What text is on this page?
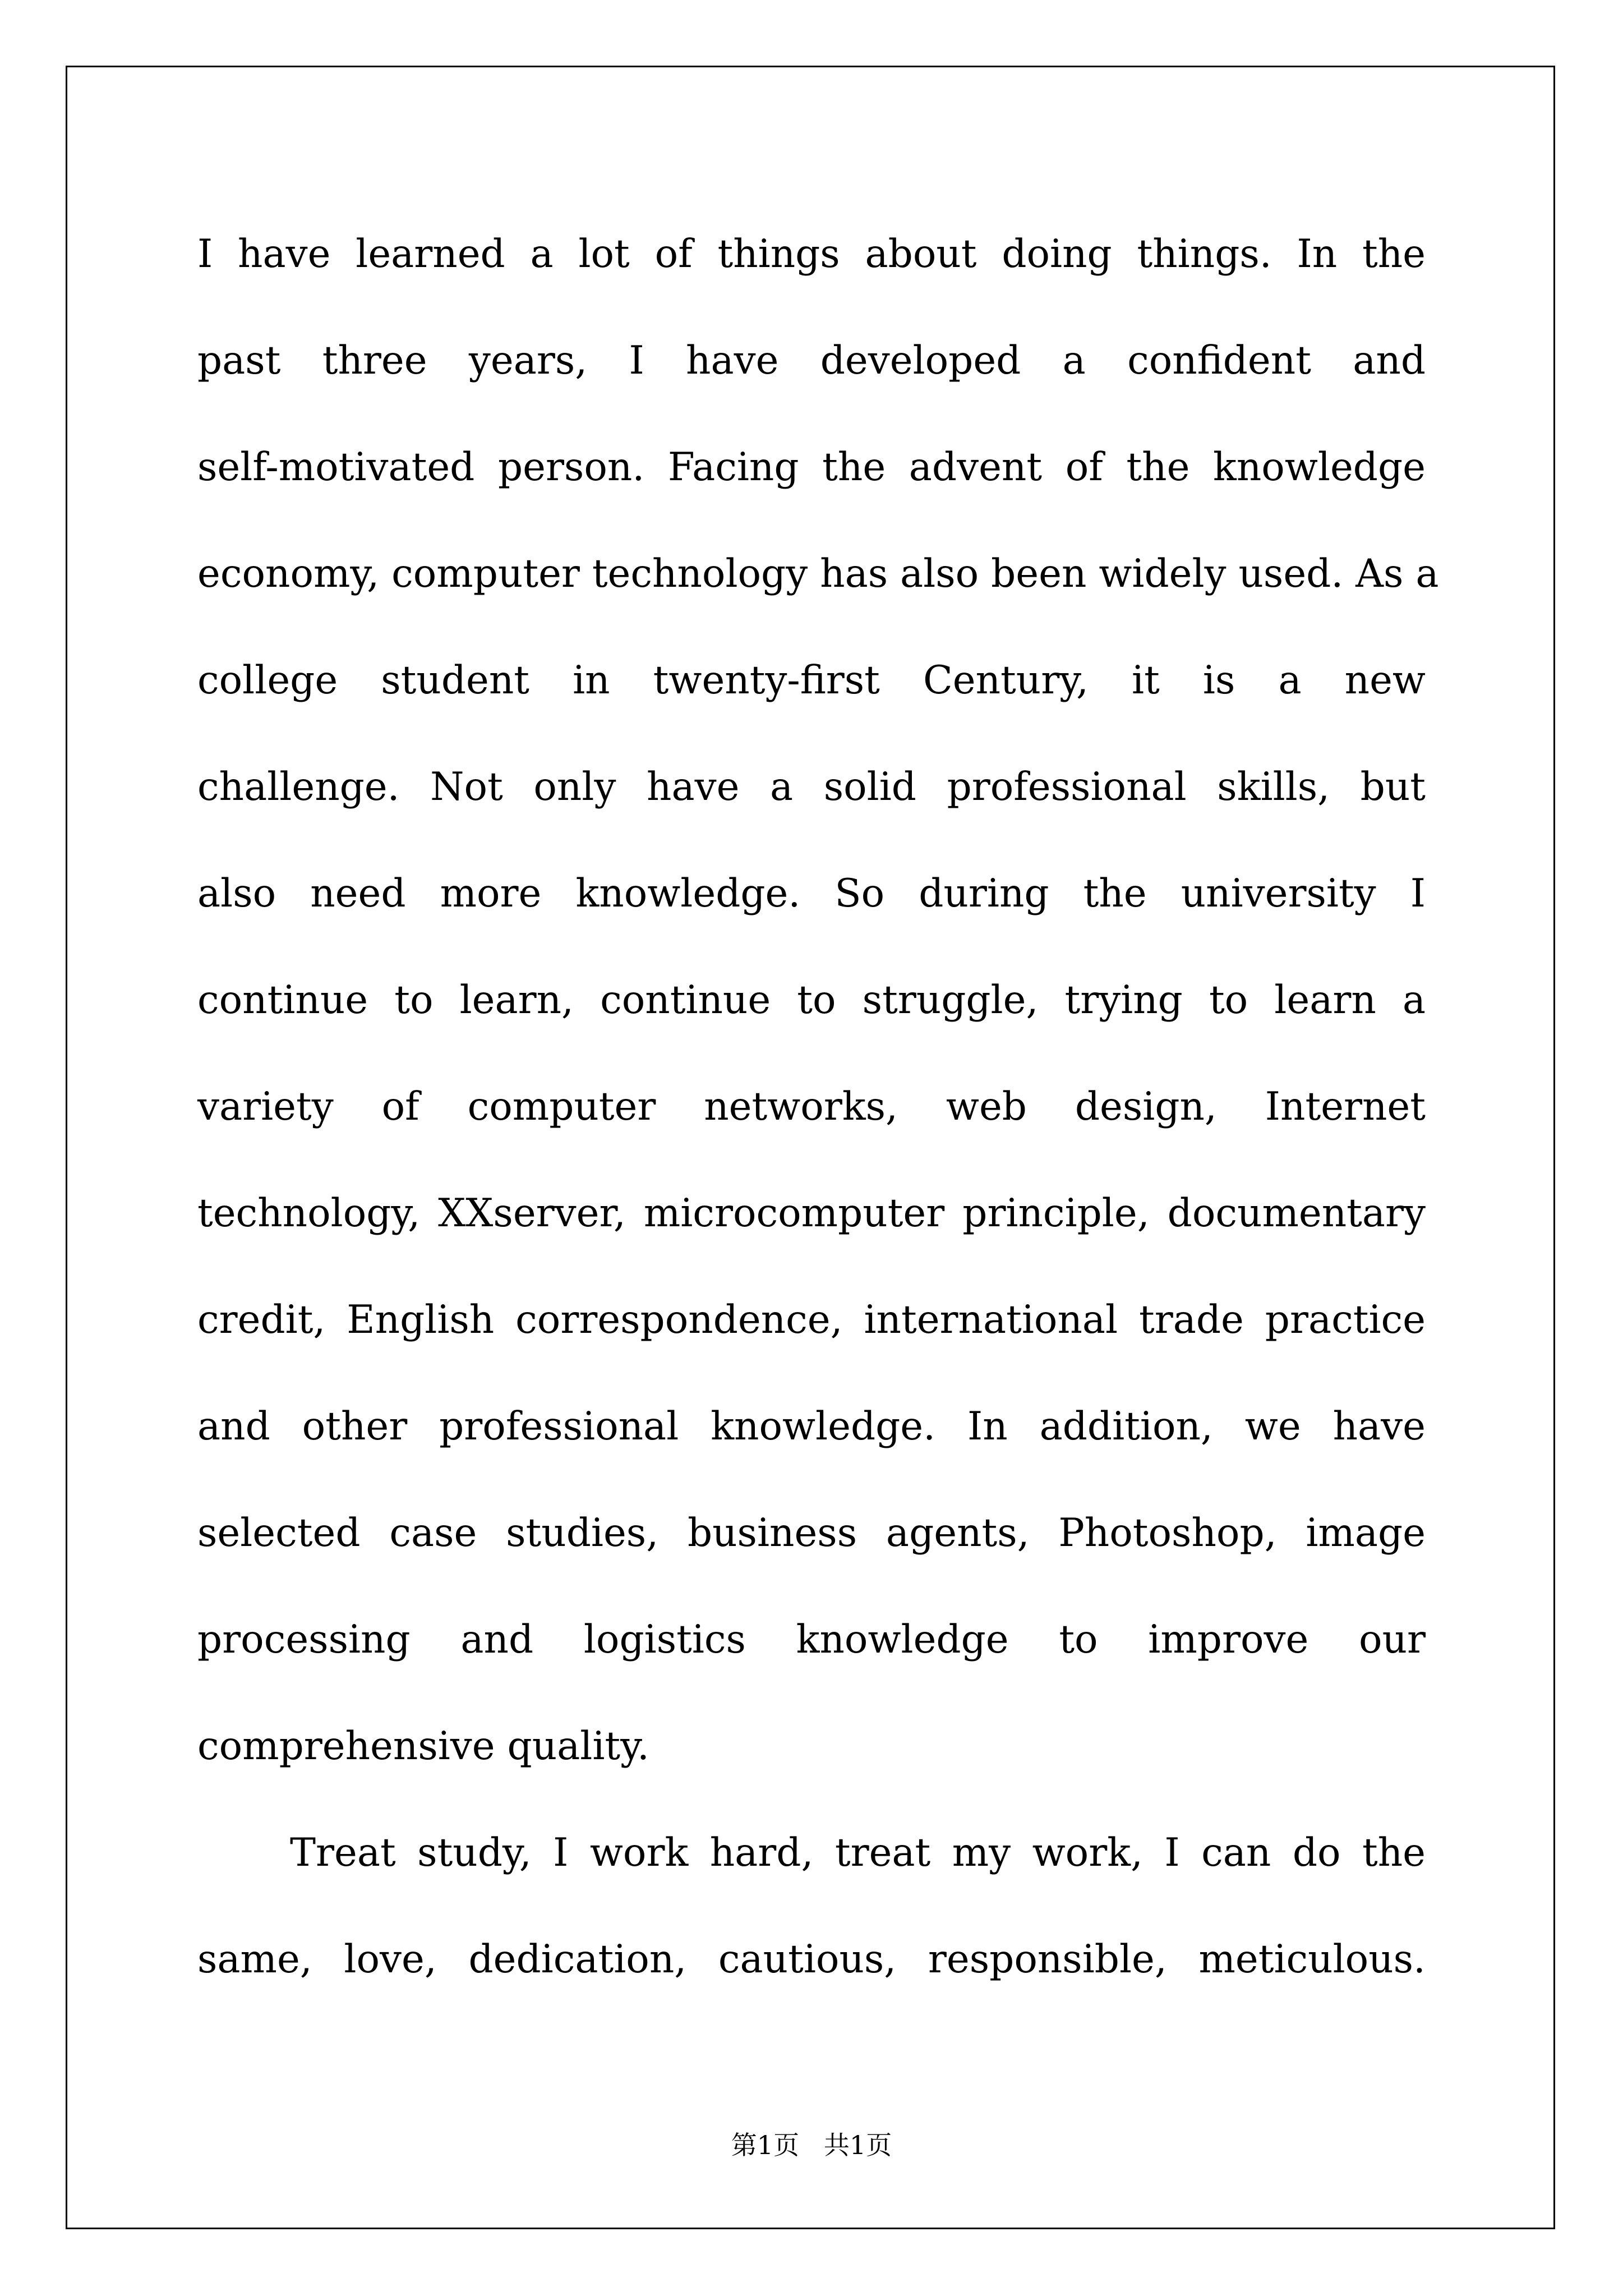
I have learned a lot of things about doing things. In the
past three years, I have developed a confident and
self-motivated person. Facing the advent of the knowledge
economy, computer technology has also been widely used. As a
college student in twenty-first Century, it is a new
challenge. Not only have a solid professional skills, but
also need more knowledge. So during the university I
continue to learn, continue to struggle, trying to learn a
variety of computer networks, web design, Internet
technology, XXserver, microcomputer principle, documentary
credit, English correspondence, international trade practice
and other professional knowledge. In addition, we have
selected case studies, business agents, Photoshop, image
processing and logistics knowledge to improve our
comprehensive quality.
Treat study, I work hard, treat my work, I can do the
same, love, dedication, cautious, responsible, meticulous.
第1页   共1页
